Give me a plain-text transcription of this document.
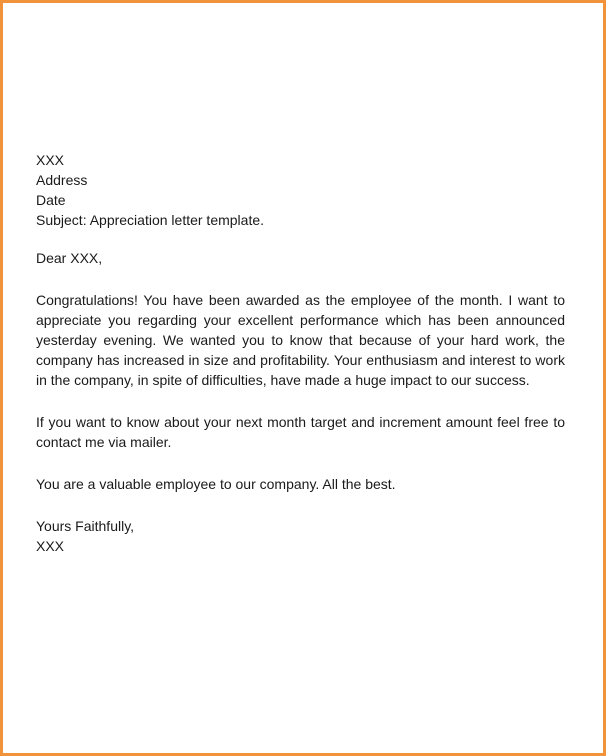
XXX
Address
Date
Subject: Appreciation letter template.
Dear XXX,

Congratulations! You have been awarded as the employee of the month. I want to appreciate you regarding your excellent performance which has been announced yesterday evening. We wanted you to know that because of your hard work, the company has increased in size and profitability. Your enthusiasm and interest to work in the company, in spite of difficulties, have made a huge impact to our success.

If you want to know about your next month target and increment amount feel free to contact me via mailer.

You are a valuable employee to our company. All the best.

Yours Faithfully,
XXX
